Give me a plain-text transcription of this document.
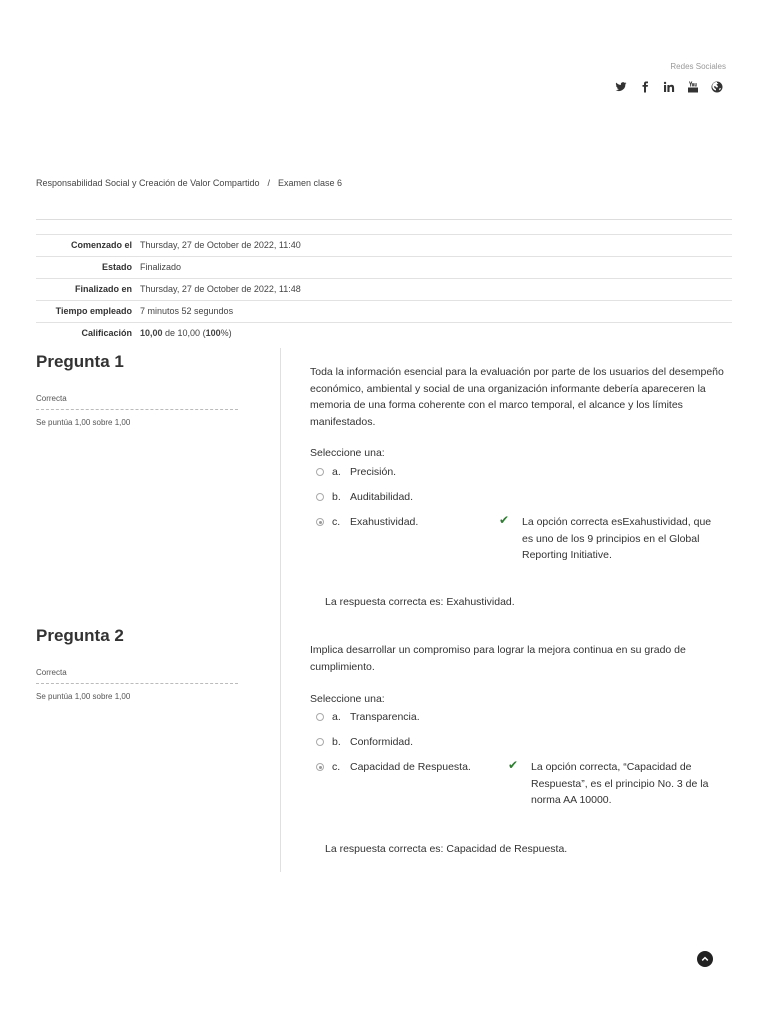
Redes Sociales
Responsabilidad Social y Creación de Valor Compartido / Examen clase 6
Comenzado el	Thursday, 27 de October de 2022, 11:40
Estado	Finalizado
Finalizado en	Thursday, 27 de October de 2022, 11:48
Tiempo empleado	7 minutos 52 segundos
Calificación	10,00 de 10,00 (100%)
Pregunta 1
Correcta
Se puntúa 1,00 sobre 1,00
Toda la información esencial para la evaluación por parte de los usuarios del desempeño económico, ambiental y social de una organización informante debería apareceren la memoria de una forma coherente con el marco temporal, el alcance y los límites manifestados.
Seleccione una:
a. Precisión.
b. Auditabilidad.
c. Exahustividad.	✔ La opción correcta esExahustividad, que es uno de los 9 principios en el Global Reporting Initiative.
La respuesta correcta es: Exahustividad.
Pregunta 2
Correcta
Se puntúa 1,00 sobre 1,00
Implica desarrollar un compromiso para lograr la mejora continua en su grado de cumplimiento.
Seleccione una:
a. Transparencia.
b. Conformidad.
c. Capacidad de Respuesta.	✔ La opción correcta, “Capacidad de Respuesta”, es el principio No. 3 de la norma AA 10000.
La respuesta correcta es: Capacidad de Respuesta.
